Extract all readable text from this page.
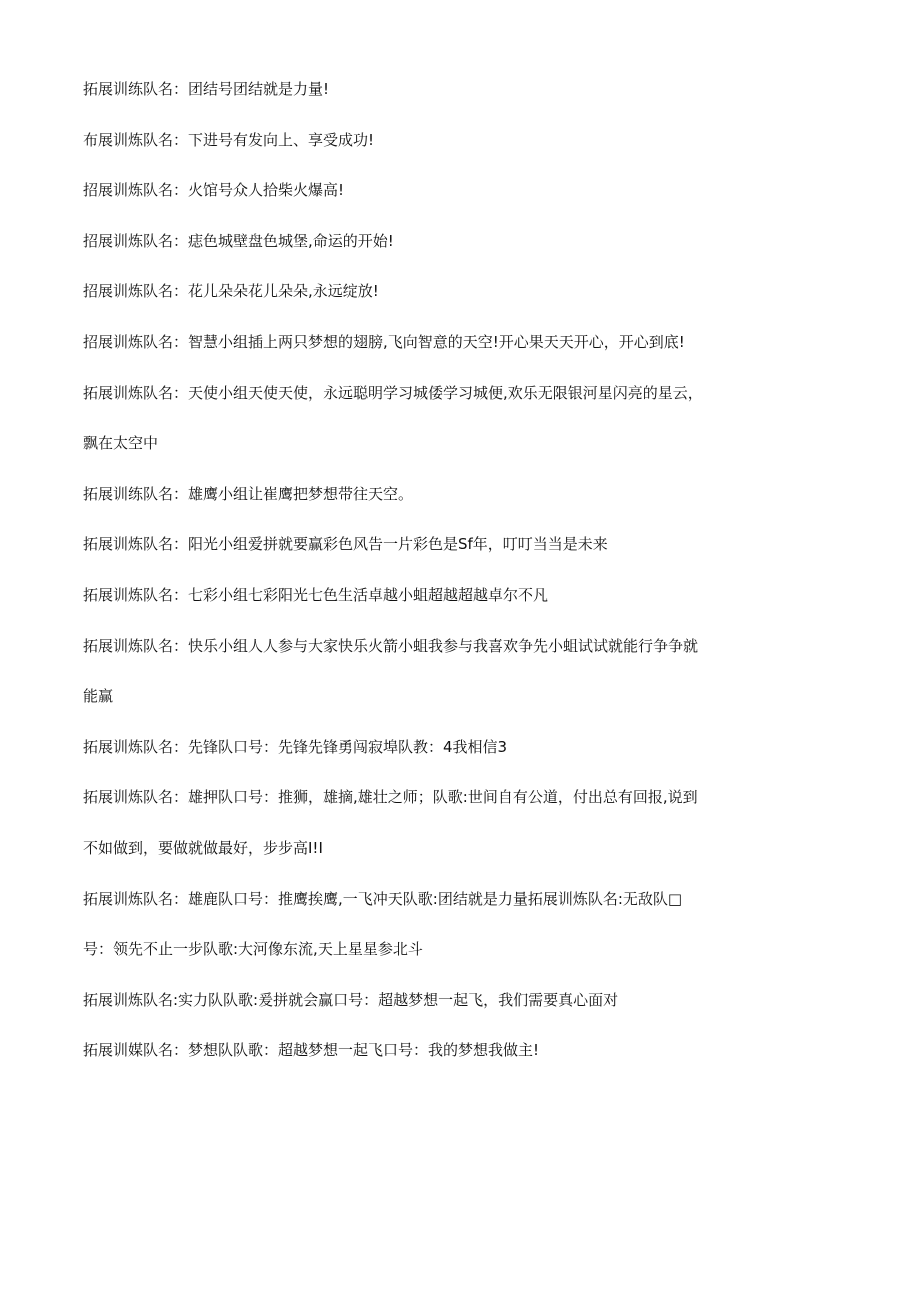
拓展训练队名：团结号团结就是力量!
布展训炼队名：下进号有发向上、享受成功!
招展训炼队名：火馆号众人拾柴火爆高!
招展训炼队名：痣色城壁盘色城堡,命运的开始!
招展训炼队名：花儿朵朵花儿朵朵,永远绽放!
招展训炼队名：智慧小组插上两只梦想的翅膀,飞向智意的天空!开心果天天开心，开心到底!
拓展训炼队名：天使小组天使天使，永远聪明学习城倭学习城便,欢乐无限银河星闪亮的星云，
飘在太空中
拓展训练队名：雄鹰小组让崔鹰把梦想带往天空。
拓展训炼队名：阳光小组爱拼就要赢彩色风告一片彩色是Sf年，叮叮当当是未来
拓展训炼队名：七彩小组七彩阳光七色生活卓越小蛆超越超越卓尔不凡
拓展训炼队名：快乐小组人人参与大家快乐火箭小蛆我参与我喜欢争先小蛆试试就能行争争就
能赢
拓展训炼队名：先锋队口号：先锋先锋勇闯寂埠队教：4我相信3
拓展训炼队名：雄押队口号：推狮，雄摘,雄壮之师；队歌:世间自有公道，付出总有回报,说到
不如做到，要做就做最好，步步高I!I
拓展训炼队名：雄鹿队口号：推鹰挨鹰,一飞冲天队歌:团结就是力量拓展训炼队名:无敌队□
号：领先不止一步队歌:大河像东流,天上星星参北斗
拓展训炼队名:实力队队歌:爰拼就会赢口号：超越梦想一起飞，我们需要真心面对
拓展训媒队名：梦想队队歌：超越梦想一起飞口号：我的梦想我做主!
